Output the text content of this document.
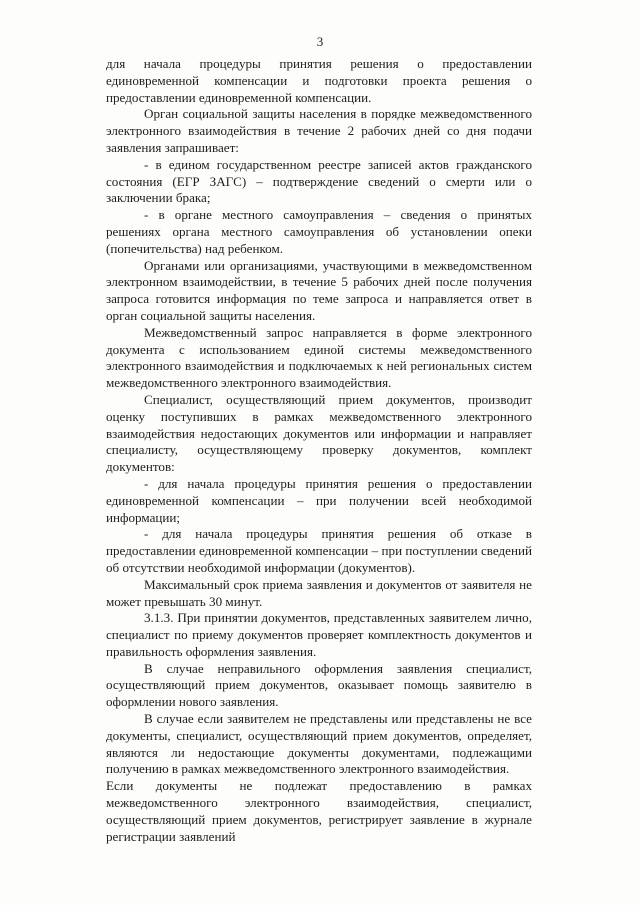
3

для начала процедуры принятия решения о предоставлении единовременной компенсации и подготовки проекта решения о предоставлении единовременной компенсации.

Орган социальной защиты населения в порядке межведомственного электронного взаимодействия в течение 2 рабочих дней со дня подачи заявления запрашивает:

- в едином государственном реестре записей актов гражданского состояния (ЕГР ЗАГС) – подтверждение сведений о смерти или о заключении брака;

- в органе местного самоуправления – сведения о принятых решениях органа местного самоуправления об установлении опеки (попечительства) над ребенком.

Органами или организациями, участвующими в межведомственном электронном взаимодействии, в течение 5 рабочих дней после получения запроса готовится информация по теме запроса и направляется ответ в орган социальной защиты населения.

Межведомственный запрос направляется в форме электронного документа с использованием единой системы межведомственного электронного взаимодействия и подключаемых к ней региональных систем межведомственного электронного взаимодействия.

Специалист, осуществляющий прием документов, производит оценку поступивших в рамках межведомственного электронного взаимодействия недостающих документов или информации и направляет специалисту, осуществляющему проверку документов, комплект документов:

- для начала процедуры принятия решения о предоставлении единовременной компенсации – при получении всей необходимой информации;

- для начала процедуры принятия решения об отказе в предоставлении единовременной компенсации – при поступлении сведений об отсутствии необходимой информации (документов).

Максимальный срок приема заявления и документов от заявителя не может превышать 30 минут.

3.1.3. При принятии документов, представленных заявителем лично, специалист по приему документов проверяет комплектность документов и правильность оформления заявления.

В случае неправильного оформления заявления специалист, осуществляющий прием документов, оказывает помощь заявителю в оформлении нового заявления.

В случае если заявителем не представлены или представлены не все документы, специалист, осуществляющий прием документов, определяет, являются ли недостающие документы документами, подлежащими получению в рамках межведомственного электронного взаимодействия.

Если документы не подлежат предоставлению в рамках межведомственного электронного взаимодействия, специалист, осуществляющий прием документов, регистрирует заявление в журнале регистрации заявлений
